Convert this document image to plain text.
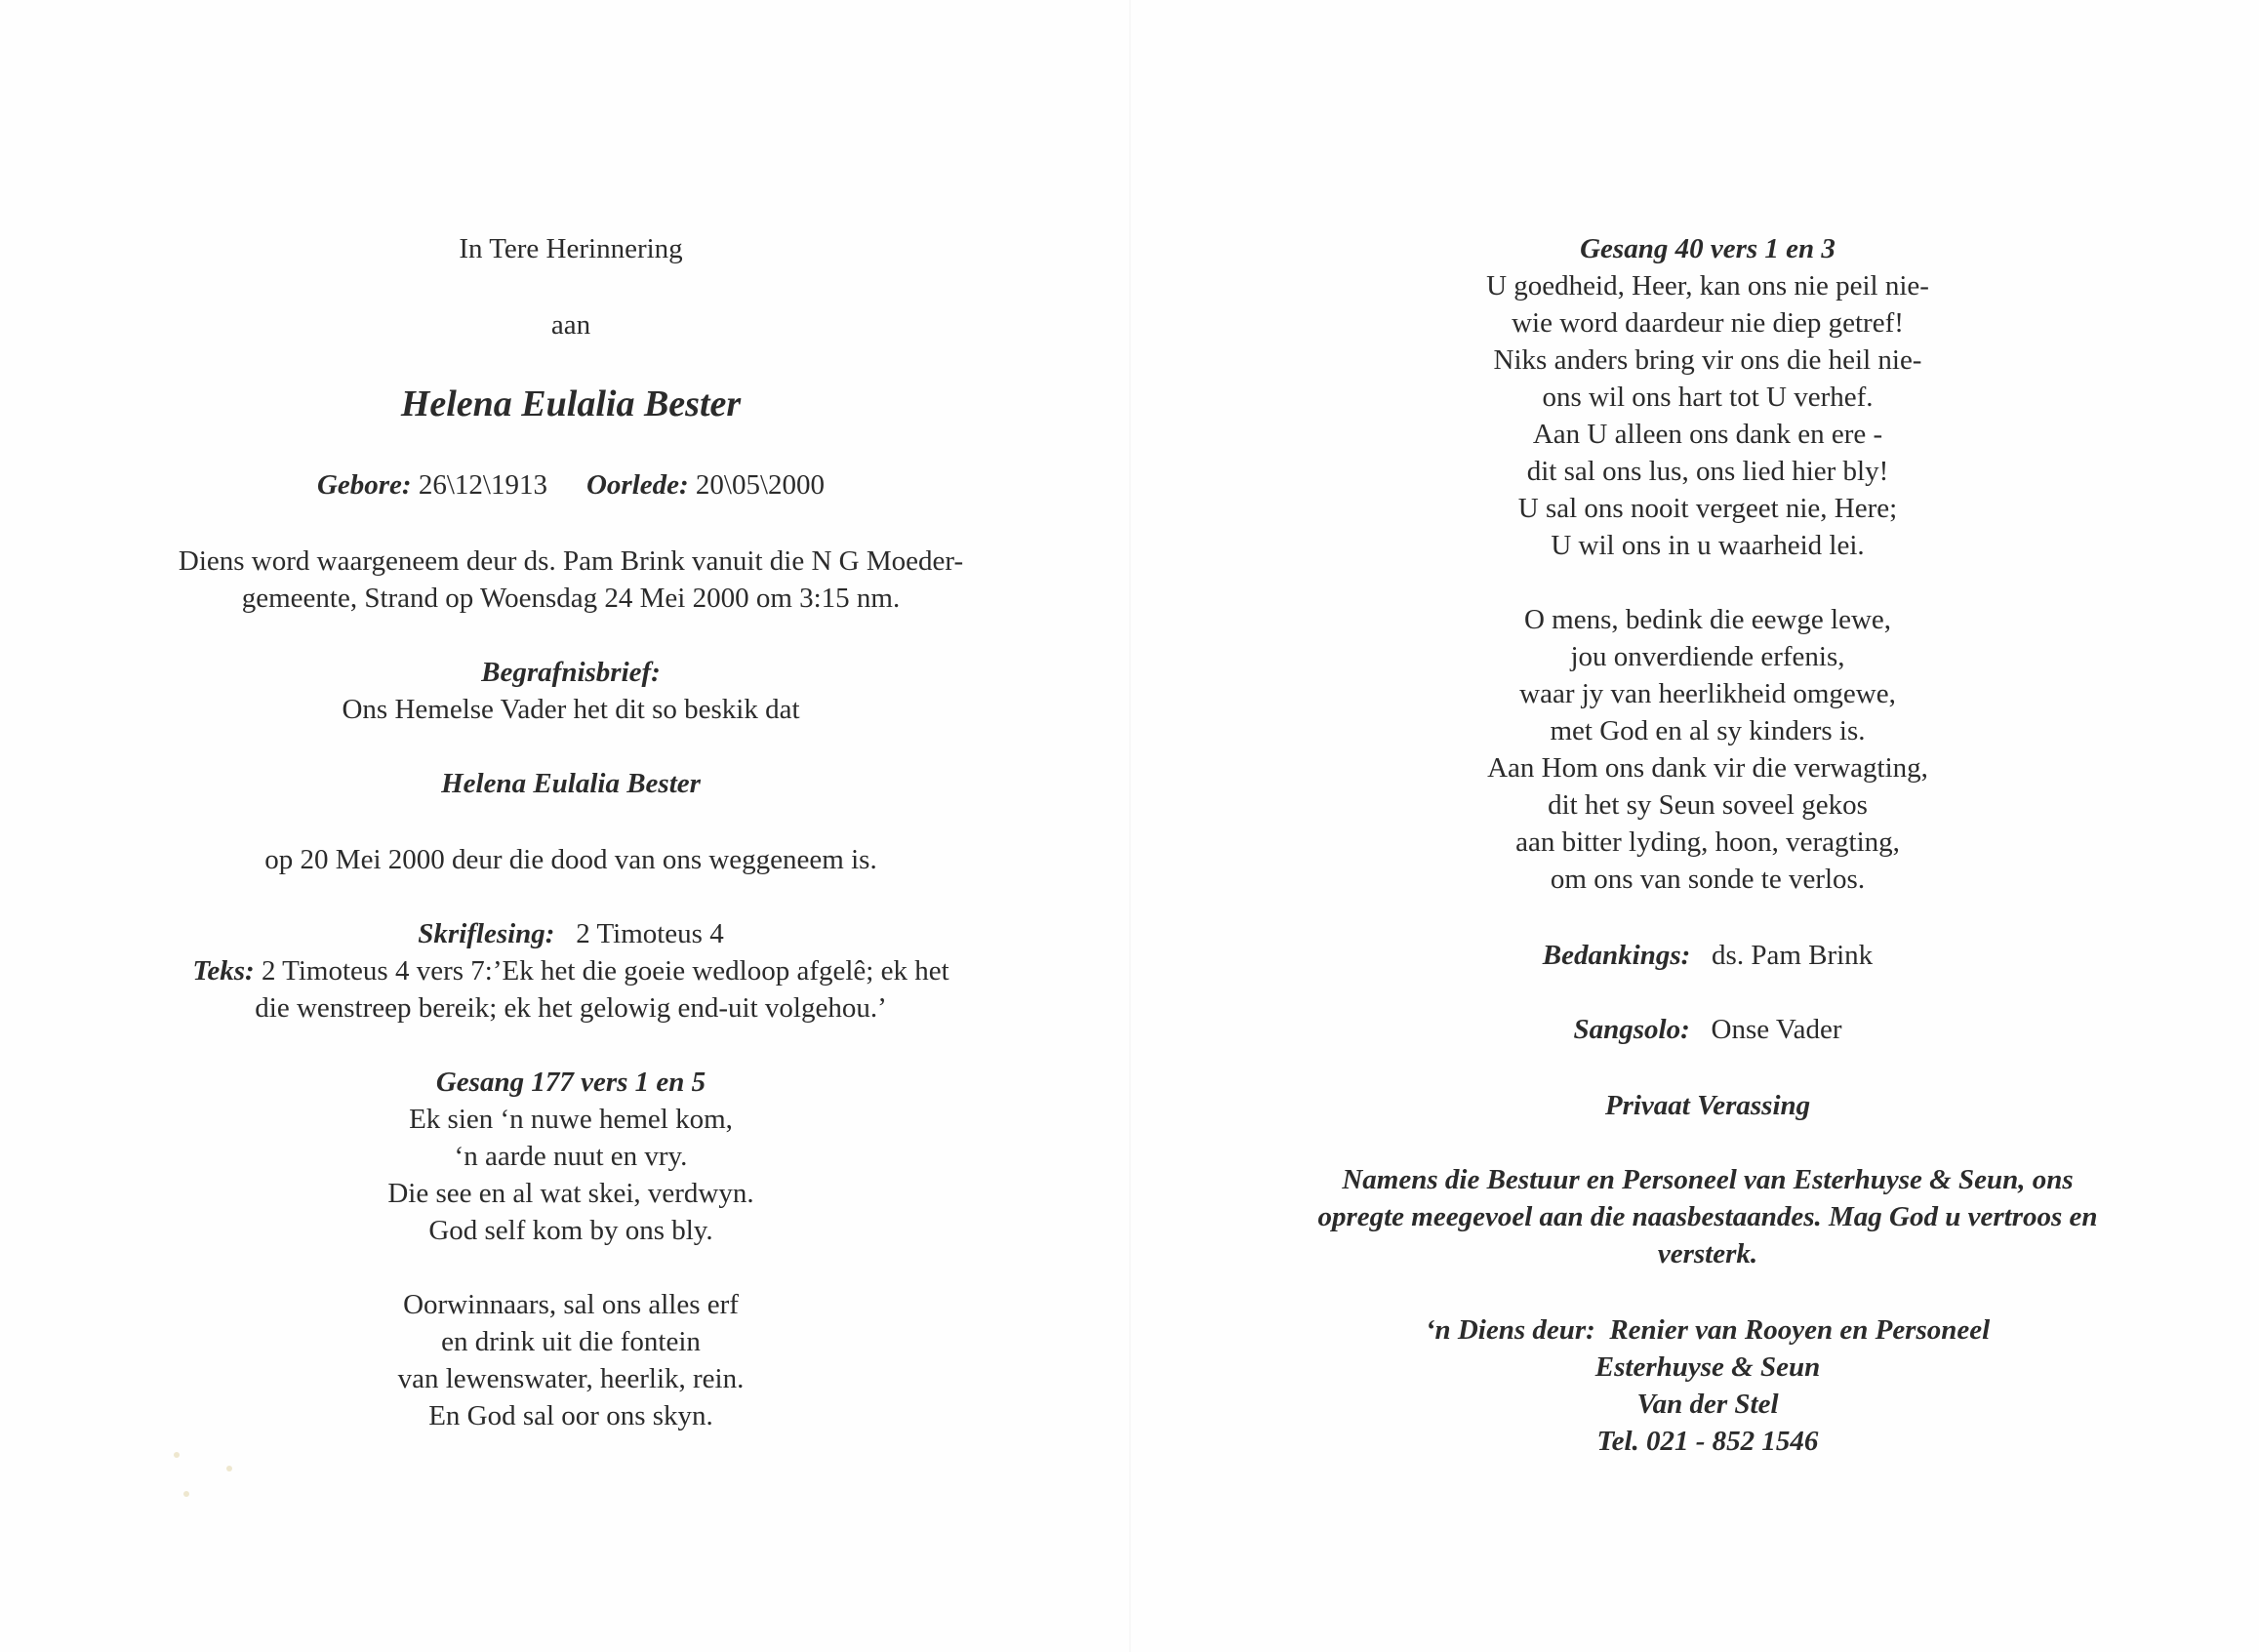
In Tere Herinnering
aan
Helena Eulalia Bester
Gebore: 26\12\1913 Oorlede: 20\05\2000
Diens word waargeneem deur ds. Pam Brink vanuit die N G Moeder-
gemeente, Strand op Woensdag 24 Mei 2000 om 3:15 nm.
Begrafnisbrief:
Ons Hemelse Vader het dit so beskik dat
Helena Eulalia Bester
op 20 Mei 2000 deur die dood van ons weggeneem is.
Skriflesing: 2 Timoteus 4
Teks: 2 Timoteus 4 vers 7:’Ek het die goeie wedloop afgelê; ek het
die wenstreep bereik; ek het gelowig end-uit volgehou.’
Gesang 177 vers 1 en 5
Ek sien ‘n nuwe hemel kom,
‘n aarde nuut en vry.
Die see en al wat skei, verdwyn.
God self kom by ons bly.
Oorwinnaars, sal ons alles erf
en drink uit die fontein
van lewenswater, heerlik, rein.
En God sal oor ons skyn.
Gesang 40 vers 1 en 3
U goedheid, Heer, kan ons nie peil nie-
wie word daardeur nie diep getref!
Niks anders bring vir ons die heil nie-
ons wil ons hart tot U verhef.
Aan U alleen ons dank en ere -
dit sal ons lus, ons lied hier bly!
U sal ons nooit vergeet nie, Here;
U wil ons in u waarheid lei.
O mens, bedink die eewge lewe,
jou onverdiende erfenis,
waar jy van heerlikheid omgewe,
met God en al sy kinders is.
Aan Hom ons dank vir die verwagting,
dit het sy Seun soveel gekos
aan bitter lyding, hoon, veragting,
om ons van sonde te verlos.
Bedankings: ds. Pam Brink
Sangsolo: Onse Vader
Privaat Verassing
Namens die Bestuur en Personeel van Esterhuyse & Seun, ons
opregte meegevoel aan die naasbestaandes. Mag God u vertroos en
versterk.
‘n Diens deur: Renier van Rooyen en Personeel
Esterhuyse & Seun
Van der Stel
Tel. 021 - 852 1546
